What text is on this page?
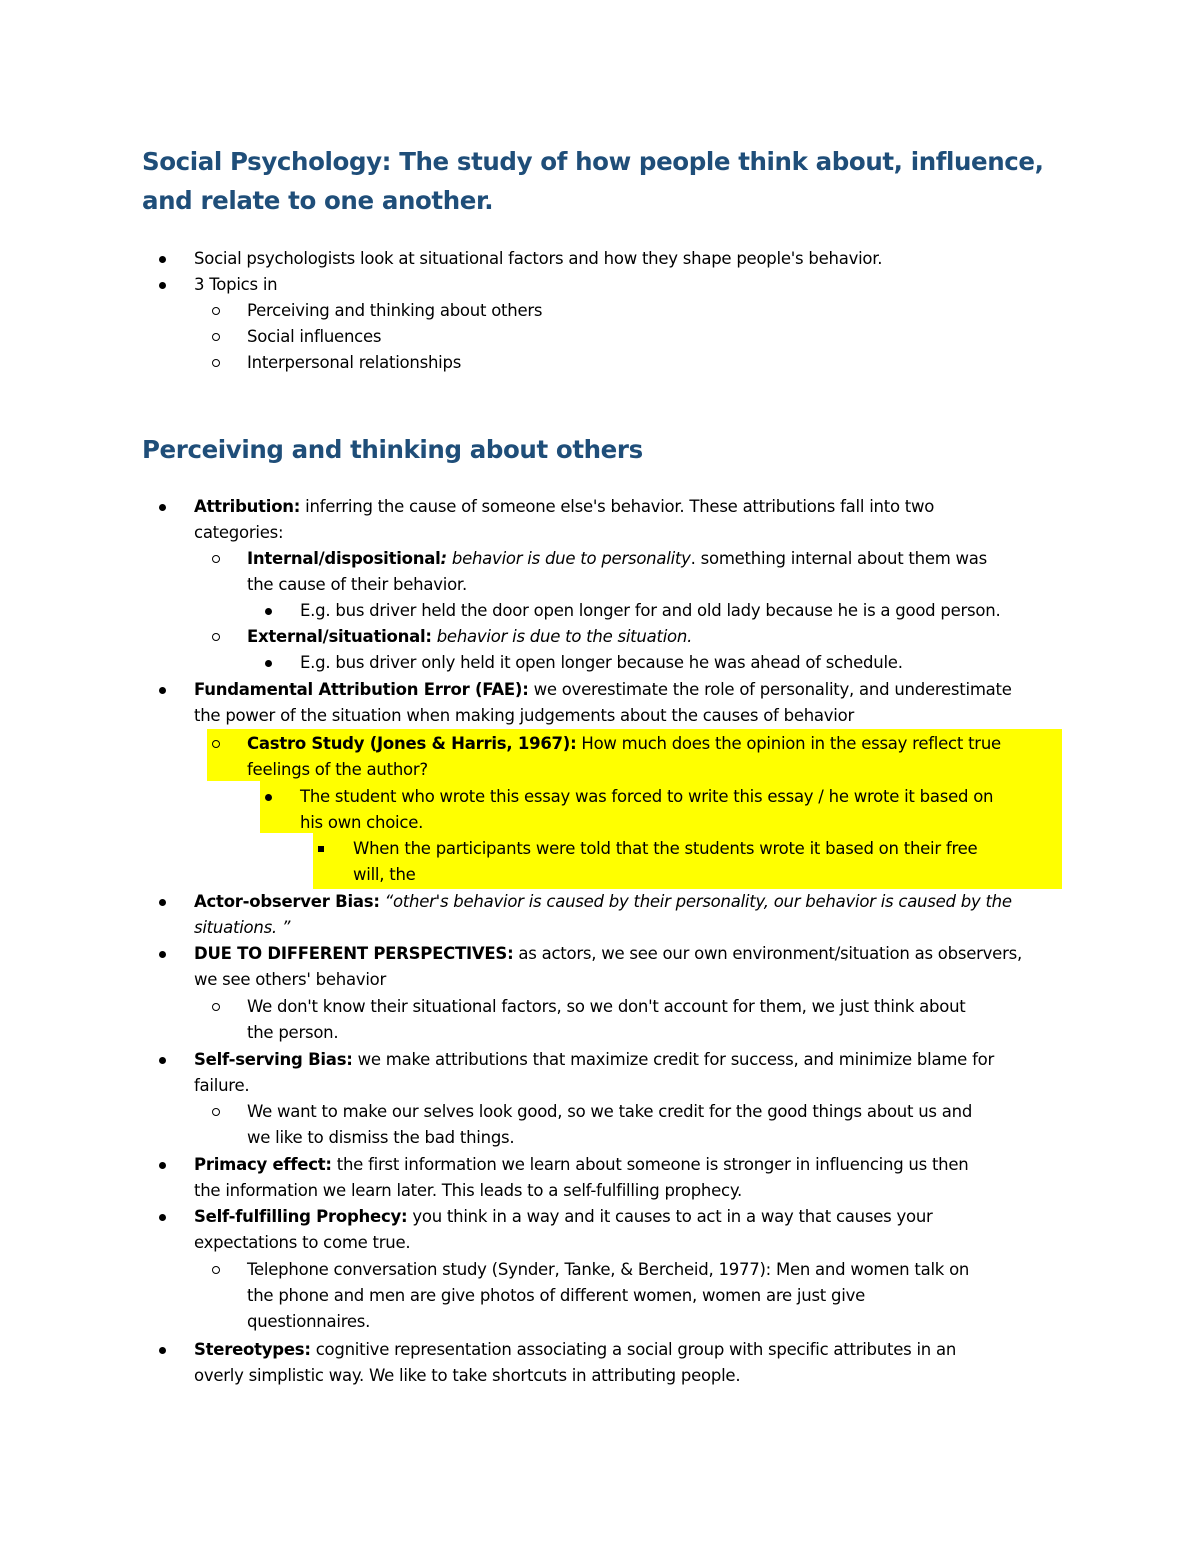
Social Psychology: The study of how people think about, influence,
and relate to one another.
Social psychologists look at situational factors and how they shape people's behavior.
3 Topics in
Perceiving and thinking about others
Social influences
Interpersonal relationships
Perceiving and thinking about others
Attribution: inferring the cause of someone else's behavior. These attributions fall into two
categories:
Internal/dispositional: behavior is due to personality. something internal about them was
the cause of their behavior.
E.g. bus driver held the door open longer for and old lady because he is a good person.
External/situational: behavior is due to the situation.
E.g. bus driver only held it open longer because he was ahead of schedule.
Fundamental Attribution Error (FAE): we overestimate the role of personality, and underestimate
the power of the situation when making judgements about the causes of behavior
Castro Study (Jones & Harris, 1967): How much does the opinion in the essay reflect true
feelings of the author?
The student who wrote this essay was forced to write this essay / he wrote it based on
his own choice.
When the participants were told that the students wrote it based on their free
will, the
Actor-observer Bias: “other's behavior is caused by their personality, our behavior is caused by the
situations. ”
DUE TO DIFFERENT PERSPECTIVES: as actors, we see our own environment/situation as observers,
we see others' behavior
We don't know their situational factors, so we don't account for them, we just think about
the person.
Self-serving Bias: we make attributions that maximize credit for success, and minimize blame for
failure.
We want to make our selves look good, so we take credit for the good things about us and
we like to dismiss the bad things.
Primacy effect: the first information we learn about someone is stronger in influencing us then
the information we learn later. This leads to a self-fulfilling prophecy.
Self-fulfilling Prophecy: you think in a way and it causes to act in a way that causes your
expectations to come true.
Telephone conversation study (Synder, Tanke, & Bercheid, 1977): Men and women talk on
the phone and men are give photos of different women, women are just give
questionnaires.
Stereotypes: cognitive representation associating a social group with specific attributes in an
overly simplistic way. We like to take shortcuts in attributing people.
